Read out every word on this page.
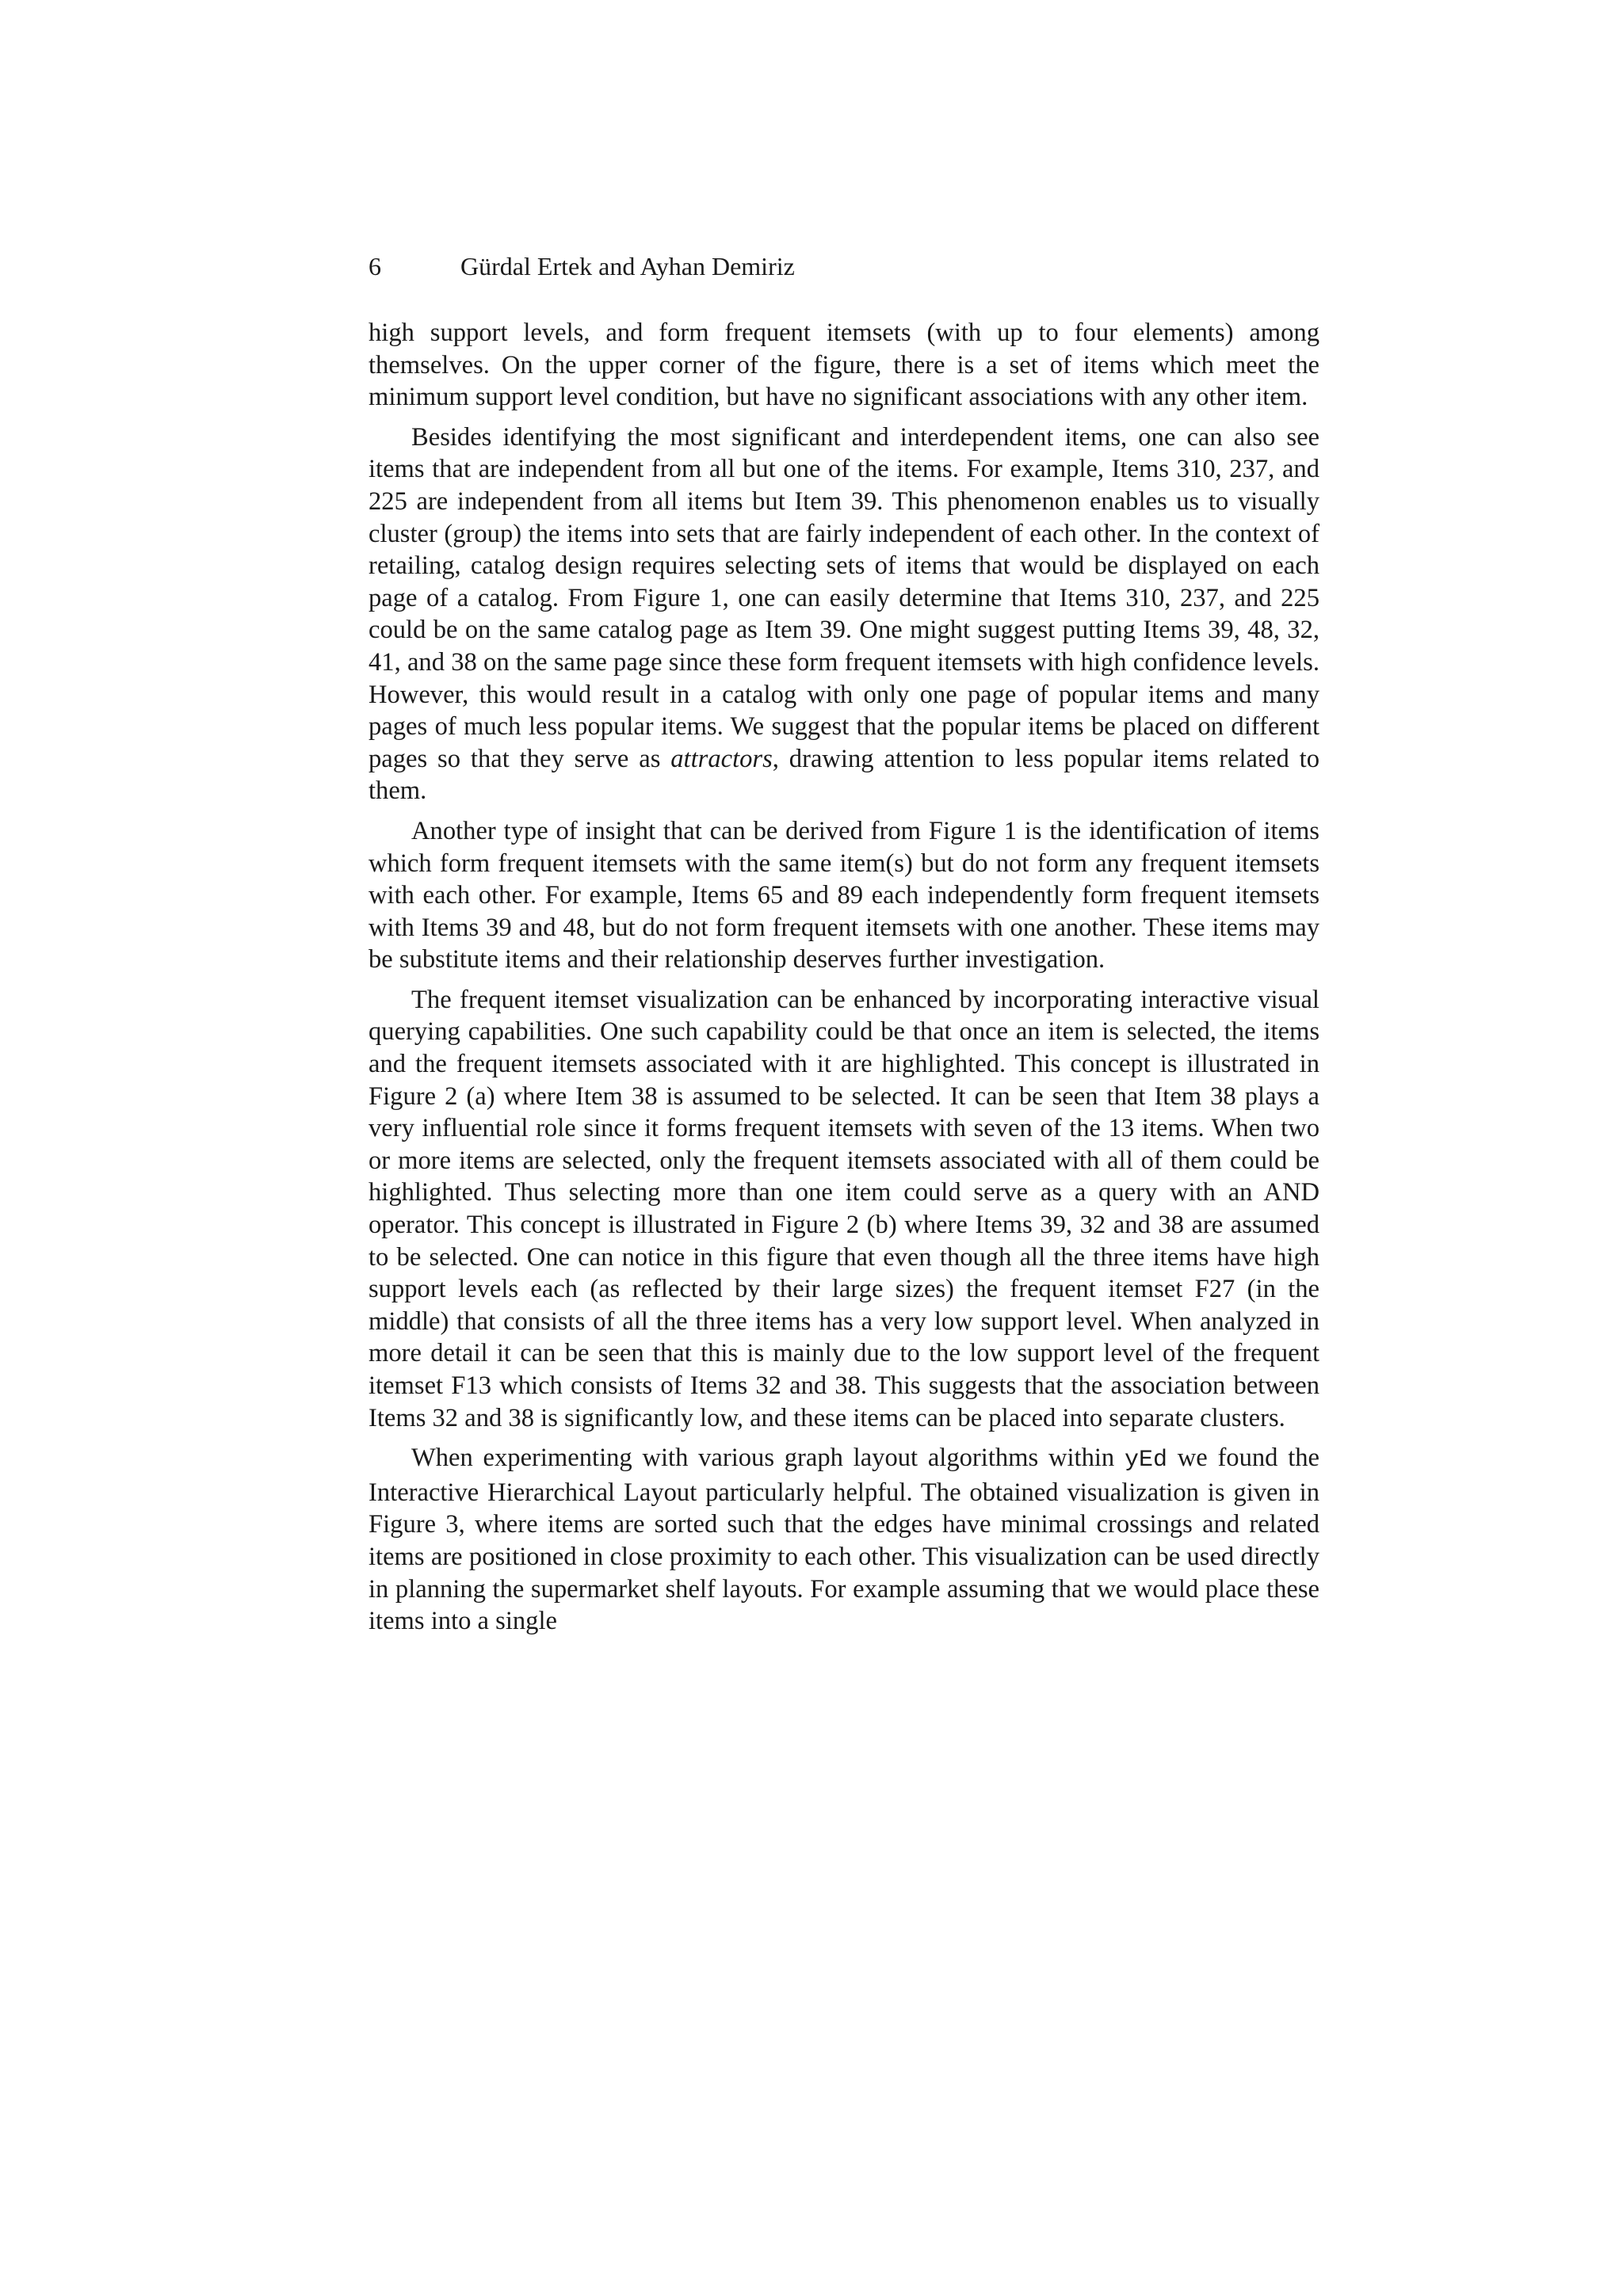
6	Gürdal Ertek and Ayhan Demiriz

high support levels, and form frequent itemsets (with up to four elements) among themselves. On the upper corner of the figure, there is a set of items which meet the minimum support level condition, but have no significant associations with any other item.

Besides identifying the most significant and interdependent items, one can also see items that are independent from all but one of the items. For example, Items 310, 237, and 225 are independent from all items but Item 39. This phenomenon enables us to visually cluster (group) the items into sets that are fairly independent of each other. In the context of retailing, catalog design requires selecting sets of items that would be displayed on each page of a catalog. From Figure 1, one can easily determine that Items 310, 237, and 225 could be on the same catalog page as Item 39. One might suggest putting Items 39, 48, 32, 41, and 38 on the same page since these form frequent itemsets with high confidence levels. However, this would result in a catalog with only one page of popular items and many pages of much less popular items. We suggest that the popular items be placed on different pages so that they serve as attractors, drawing attention to less popular items related to them.

Another type of insight that can be derived from Figure 1 is the identification of items which form frequent itemsets with the same item(s) but do not form any frequent itemsets with each other. For example, Items 65 and 89 each independently form frequent itemsets with Items 39 and 48, but do not form frequent itemsets with one another. These items may be substitute items and their relationship deserves further investigation.

The frequent itemset visualization can be enhanced by incorporating interactive visual querying capabilities. One such capability could be that once an item is selected, the items and the frequent itemsets associated with it are highlighted. This concept is illustrated in Figure 2 (a) where Item 38 is assumed to be selected. It can be seen that Item 38 plays a very influential role since it forms frequent itemsets with seven of the 13 items. When two or more items are selected, only the frequent itemsets associated with all of them could be highlighted. Thus selecting more than one item could serve as a query with an AND operator. This concept is illustrated in Figure 2 (b) where Items 39, 32 and 38 are assumed to be selected. One can notice in this figure that even though all the three items have high support levels each (as reflected by their large sizes) the frequent itemset F27 (in the middle) that consists of all the three items has a very low support level. When analyzed in more detail it can be seen that this is mainly due to the low support level of the frequent itemset F13 which consists of Items 32 and 38. This suggests that the association between Items 32 and 38 is significantly low, and these items can be placed into separate clusters.

When experimenting with various graph layout algorithms within yEd we found the Interactive Hierarchical Layout particularly helpful. The obtained visualization is given in Figure 3, where items are sorted such that the edges have minimal crossings and related items are positioned in close proximity to each other. This visualization can be used directly in planning the supermarket shelf layouts. For example assuming that we would place these items into a single
